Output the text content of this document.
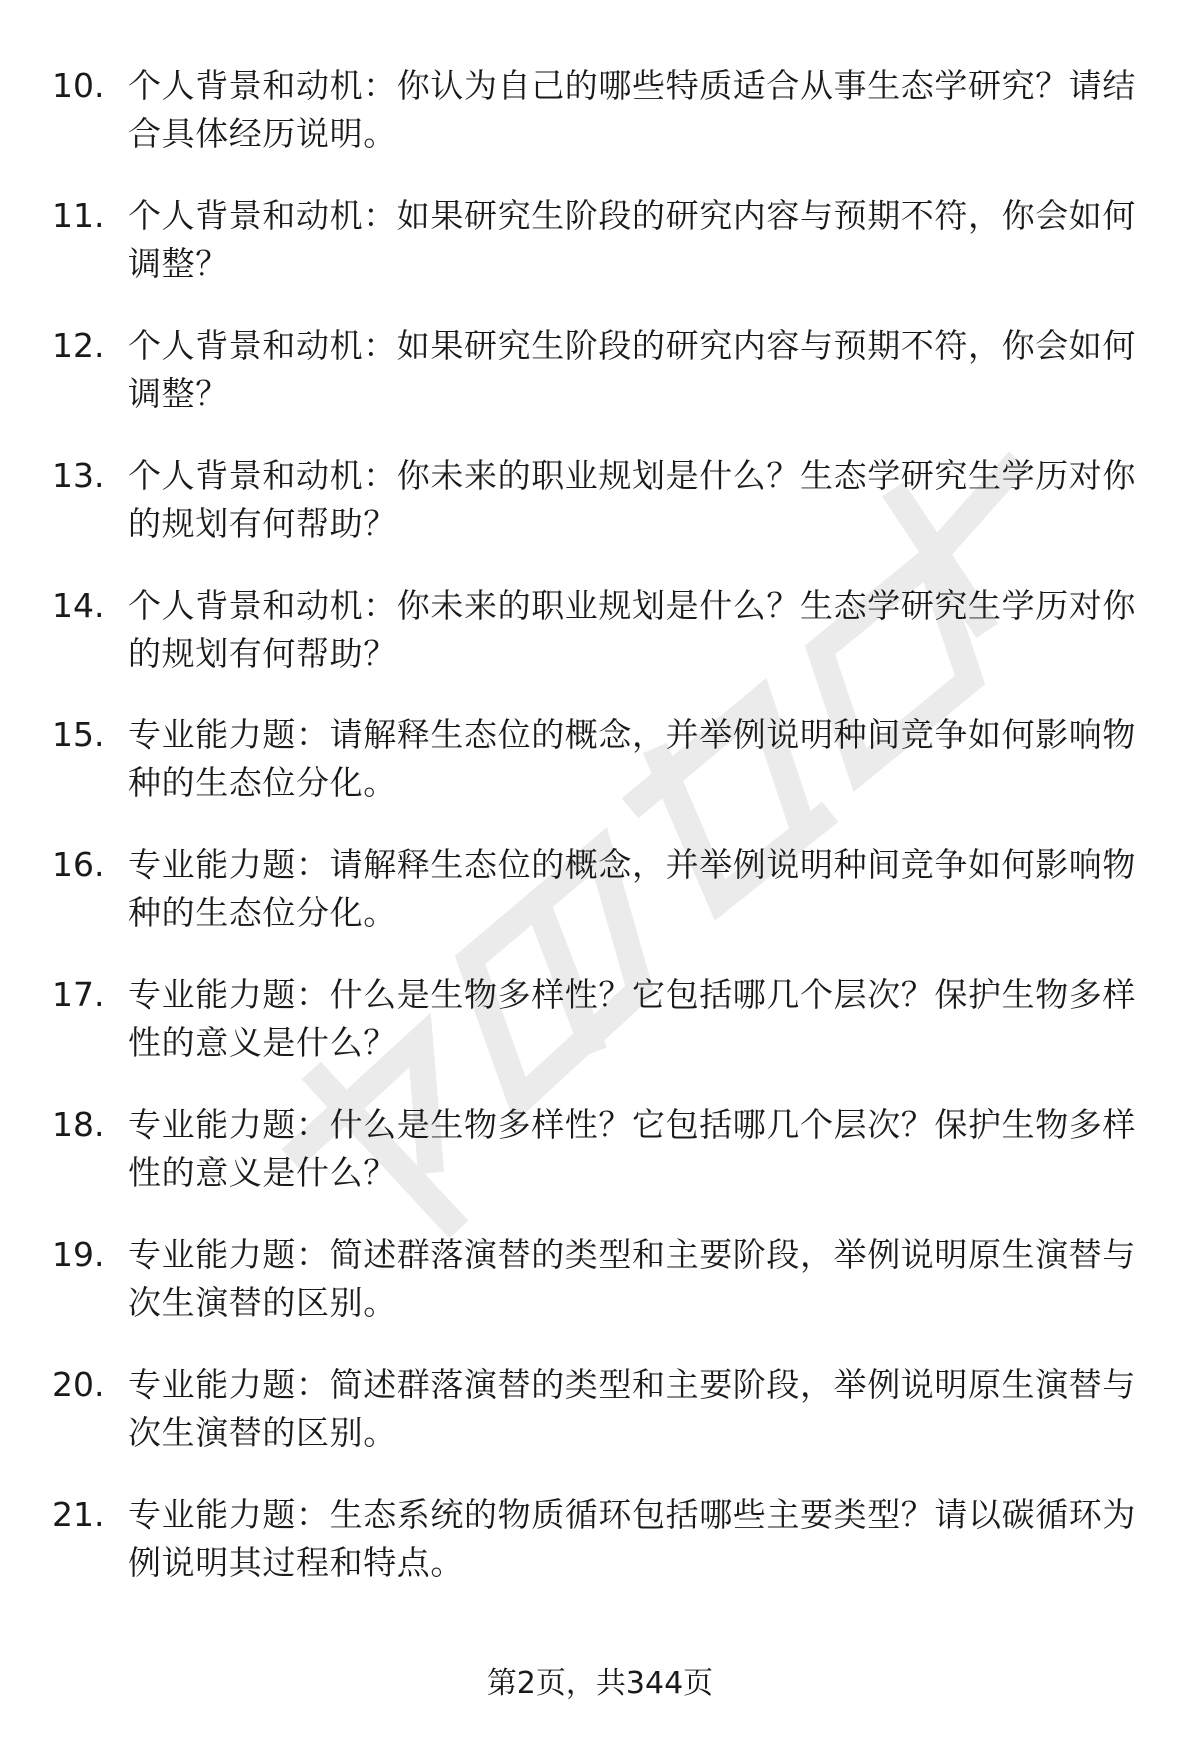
10. 个人背景和动机：你认为自己的哪些特质适合从事生态学研究？请结合具体经历说明。
11. 个人背景和动机：如果研究生阶段的研究内容与预期不符，你会如何调整？
12. 个人背景和动机：如果研究生阶段的研究内容与预期不符，你会如何调整？
13. 个人背景和动机：你未来的职业规划是什么？生态学研究生学历对你的规划有何帮助？
14. 个人背景和动机：你未来的职业规划是什么？生态学研究生学历对你的规划有何帮助？
15. 专业能力题：请解释生态位的概念，并举例说明种间竞争如何影响物种的生态位分化。
16. 专业能力题：请解释生态位的概念，并举例说明种间竞争如何影响物种的生态位分化。
17. 专业能力题：什么是生物多样性？它包括哪几个层次？保护生物多样性的意义是什么？
18. 专业能力题：什么是生物多样性？它包括哪几个层次？保护生物多样性的意义是什么？
19. 专业能力题：简述群落演替的类型和主要阶段，举例说明原生演替与次生演替的区别。
20. 专业能力题：简述群落演替的类型和主要阶段，举例说明原生演替与次生演替的区别。
21. 专业能力题：生态系统的物质循环包括哪些主要类型？请以碳循环为例说明其过程和特点。
第2页，共344页
